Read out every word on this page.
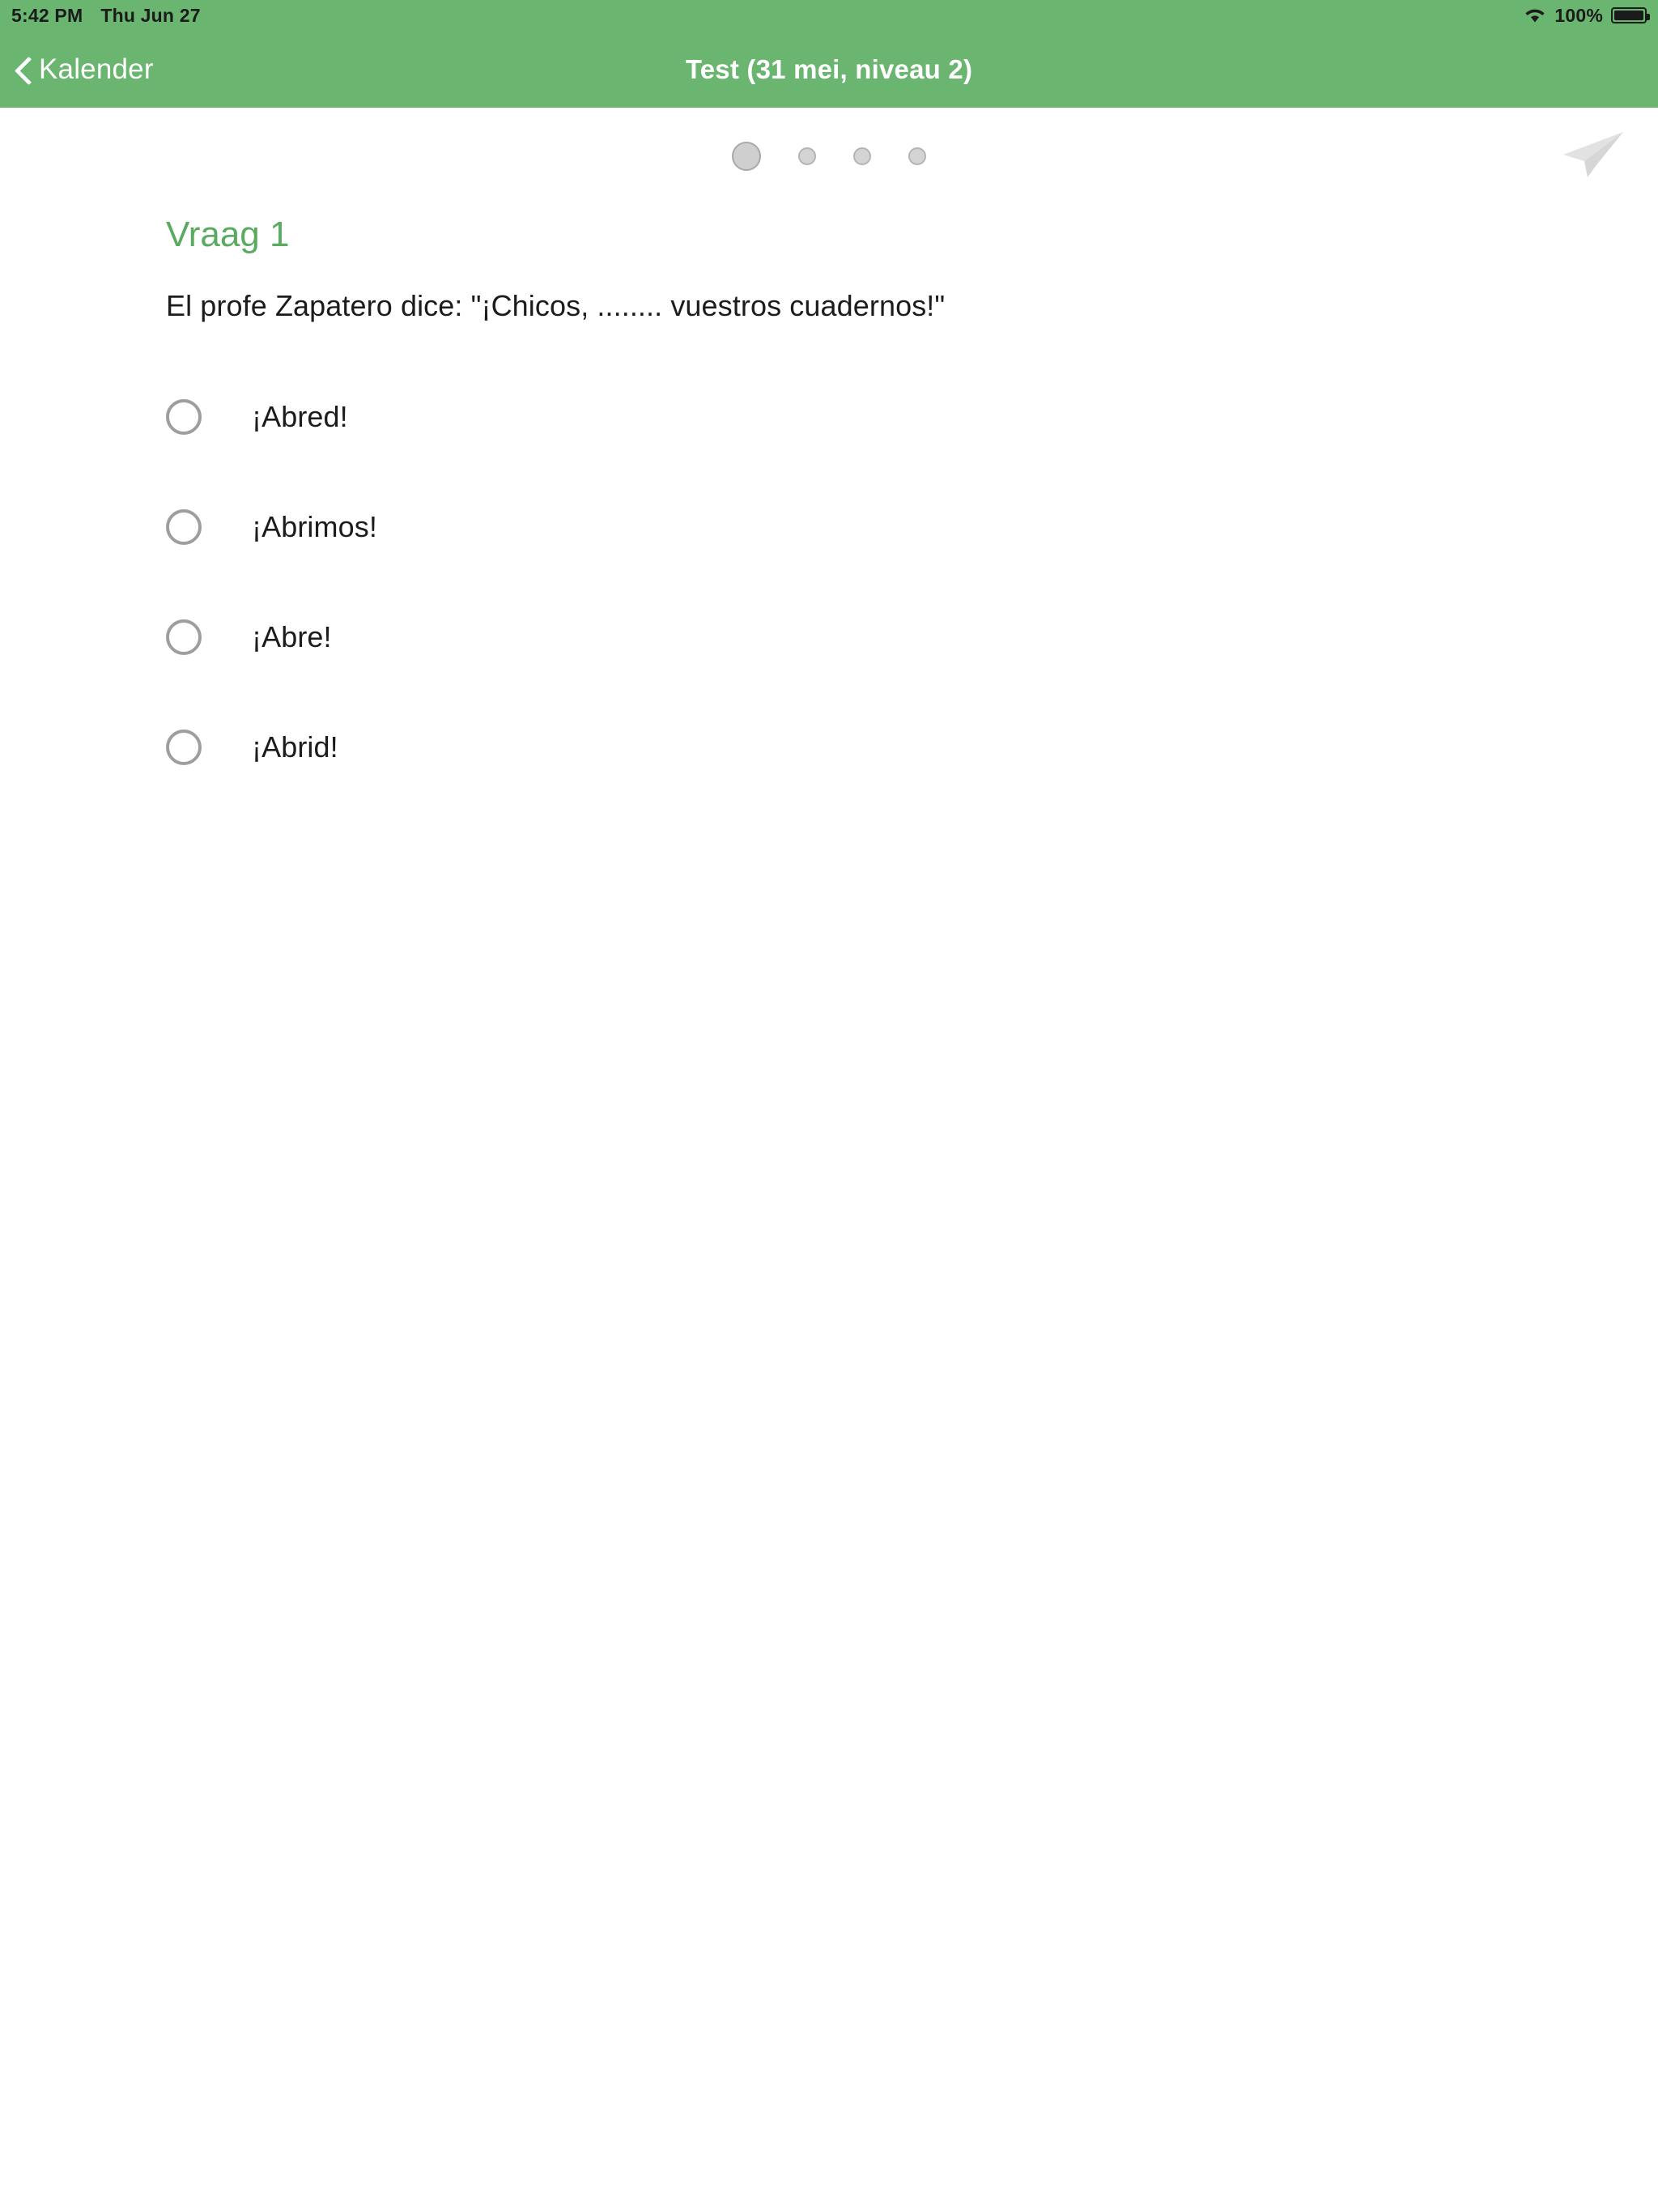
5:42 PM Thu Jun 27	100%
Kalender	Test (31 mei, niveau 2)
Vraag 1
El profe Zapatero dice: "¡Chicos, ........ vuestros cuadernos!"
¡Abred!
¡Abrimos!
¡Abre!
¡Abrid!
